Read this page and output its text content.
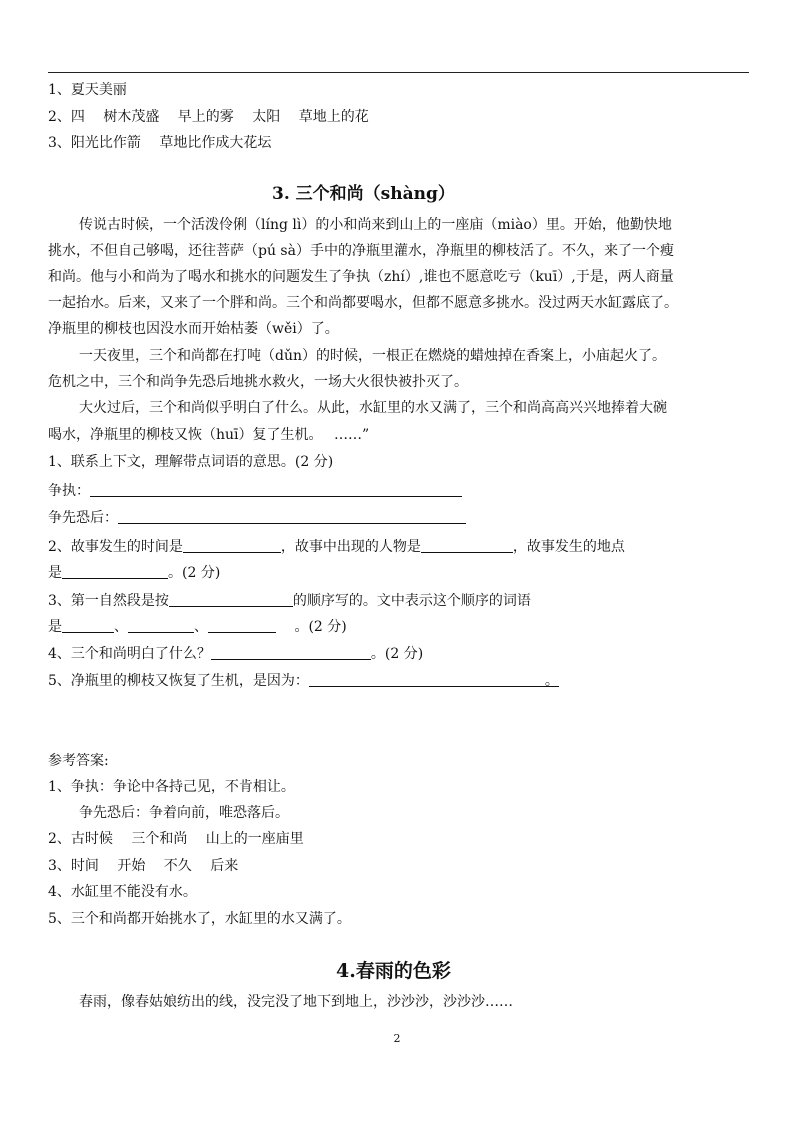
1、夏天美丽
2、四　 树木茂盛　 早上的雾　 太阳　 草地上的花
3、阳光比作箭　 草地比作成大花坛
3. 三个和尚（shàng）
传说古时候，一个活泼伶俐（líng lì）的小和尚来到山上的一座庙（miào）里。开始，他勤快地
挑水，不但自己够喝，还往菩萨（pú sà）手中的净瓶里灌水，净瓶里的柳枝活了。不久，来了一个瘦
和尚。他与小和尚为了喝水和挑水的问题发生了争执（zhí）,谁也不愿意吃亏（kuī）,于是，两人商量
一起抬水。后来，又来了一个胖和尚。三个和尚都要喝水，但都不愿意多挑水。没过两天水缸露底了。
净瓶里的柳枝也因没水而开始枯萎（wěi）了。
一天夜里，三个和尚都在打吨（dǔn）的时候，一根正在燃烧的蜡烛掉在香案上，小庙起火了。
危机之中，三个和尚争先恐后地挑水救火，一场大火很快被扑灭了。
大火过后，三个和尚似乎明白了什么。从此，水缸里的水又满了，三个和尚高高兴兴地捧着大碗
喝水，净瓶里的柳枝又恢（huī）复了生机。　 ……”
1、联系上下文，理解带点词语的意思。(2 分)
争执：
争先恐后：
2、故事发生的时间是	，故事中出现的人物是	，故事发生的地点
是	。(2 分)
3、第一自然段是按	的顺序写的。文中表示这个顺序的词语
是	、	、	　 。(2 分)
4、三个和尚明白了什么？	。(2 分)
5、净瓶里的柳枝又恢复了生机，是因为：	。
参考答案:
1、争执：争论中各持己见，不肯相让。
争先恐后：争着向前，唯恐落后。
2、古时候　 三个和尚　 山上的一座庙里
3、时间　 开始　 不久　 后来
4、水缸里不能没有水。
5、三个和尚都开始挑水了，水缸里的水又满了。
4.春雨的色彩
春雨，像春姑娘纺出的线，没完没了地下到地上，沙沙沙，沙沙沙……
2
